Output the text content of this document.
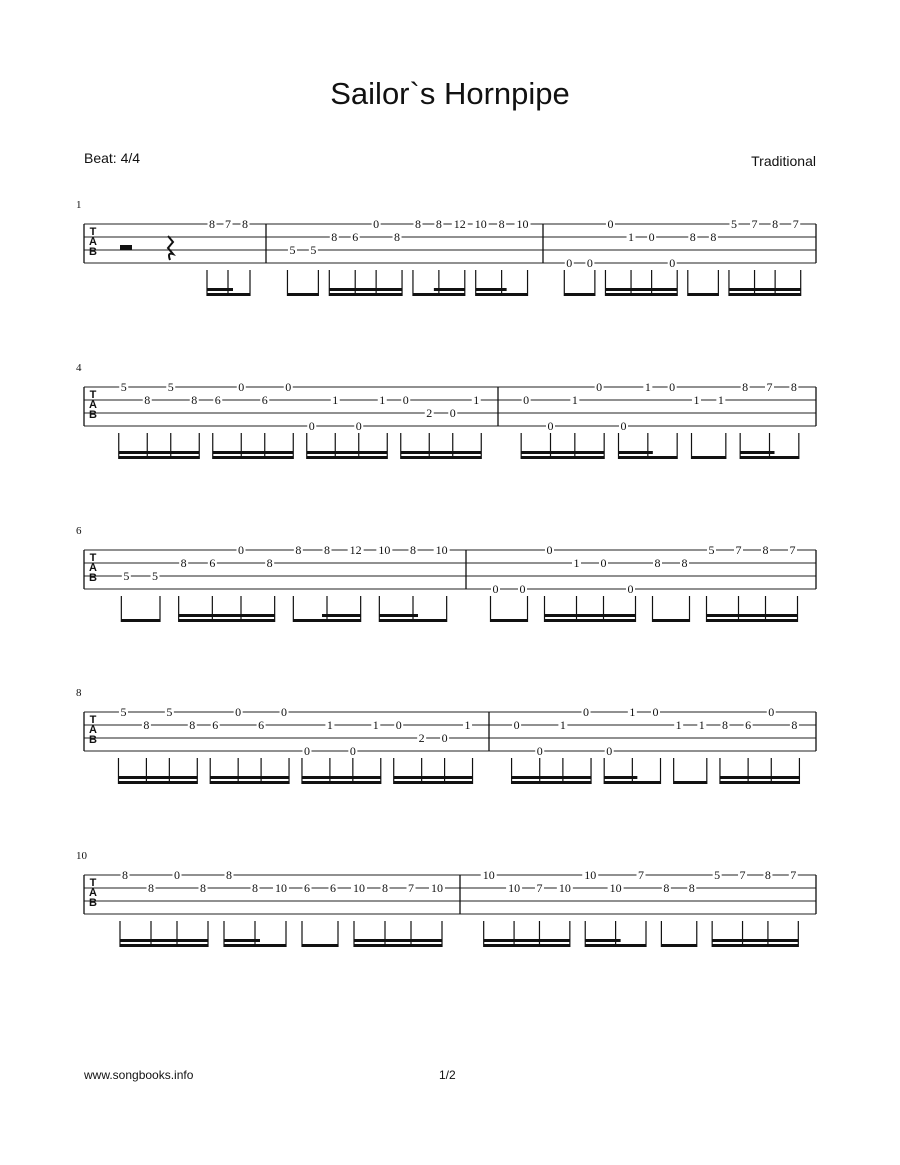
Sailor`s Hornpipe
Beat: 4/4	Traditional
T
A
B
1
8 7 8
5 5
8 6
0
8
8 8 12 10 8 10
0 0
0
1 0
0
8 8
5 7 8 7
T
A
B
4
5
8
5
8 6
0
6
0
0
1
0
1 0
2 0
1	0
0
1
0
0
1 0
1 1
8 7 8
T
A
B
6
5 5
8 6
0
8
8 8 12 10 8 10
0 0
0
1 0
0
8 8
5 7 8 7
T
A
B
8
5
8
5
8 6
0
6
0
0
1
0
1 0
2 0
1	0
0
1
0
0
1 0
1 1 8 6
0
8
T
A
B
10
8
8
0
8
8
8 10 6 6 10 8 7 10
10
10 7 10
10
10
7
8 8
5 7 8 7
www.songbooks.info	1/2
